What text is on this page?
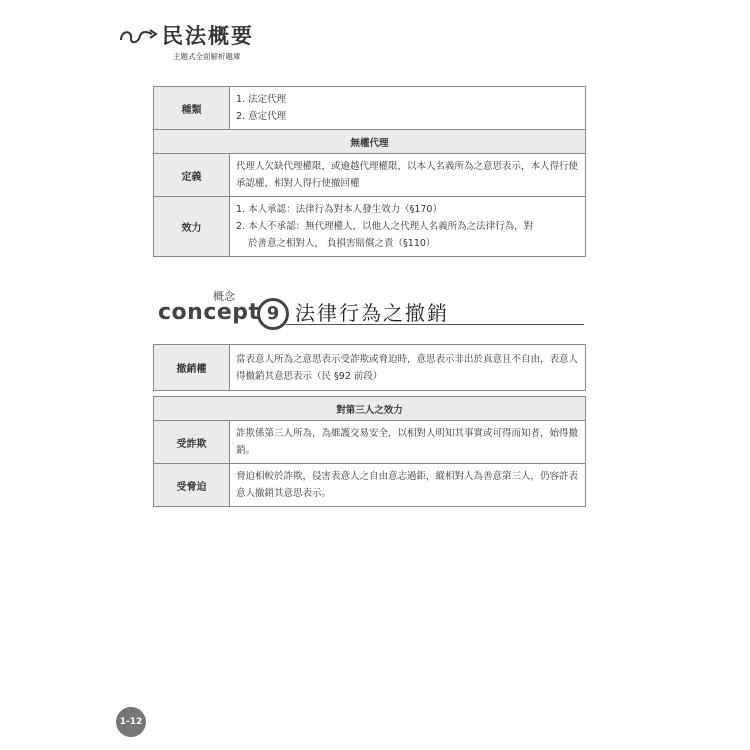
民法概要
主題式全面解析題庫
種類	1. 法定代理
2. 意定代理

無權代理	
定義	代理人欠缺代理權限，或逾越代理權限，以本人名義所為之意思表示，本人得行使承認權，相對人得行使撤回權
效力	1. 本人承認：法律行為對本人發生效力（§170）
2. 本人不承認：無代理權人，以他人之代理人名義所為之法律行為，對
於善意之相對人， 負損害賠償之責（§110）
概念
concept 9 法律行為之撤銷
撤銷權	當表意人所為之意思表示受詐欺或脅迫時，意思表示非出於真意且不自由，表意人得撤銷其意思表示（民 §92 前段）
對第三人之效力	
受詐欺	詐欺係第三人所為，為維護交易安全，以相對人明知其事實或可得而知者，始得撤銷。
受脅迫	脅迫相較於詐欺，侵害表意人之自由意志過鉅，縱相對人為善意第三人，仍容許表意人撤銷其意思表示。
1-12
